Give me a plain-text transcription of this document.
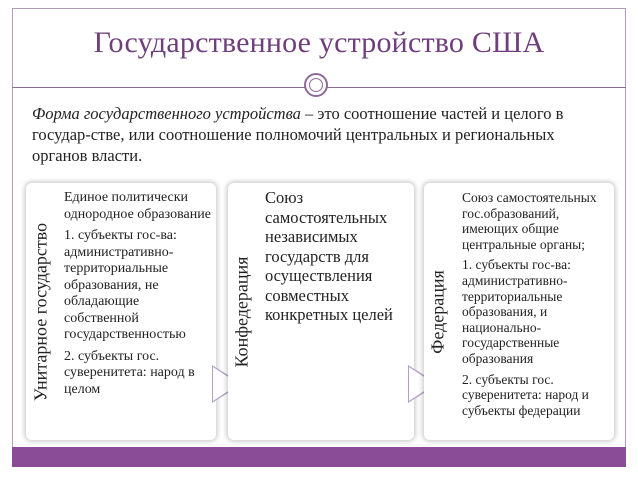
Государственное устройство США

Форма государственного устройства – это соотношение частей и целого в государ-стве, или соотношение полномочий центральных и региональных органов власти.

Унитарное государство

Единое политически однородное образование

1. субъекты гос-ва: административно-территориальные образования, не обладающие собственной государственностью

2. субъекты гос. суверенитета: народ в целом

Конфедерация

Союз самостоятельных независимых государств для осуществления совместных конкретных целей	Федерация

Союз самостоятельных гос.образований, имеющих общие центральные органы;

1. субъекты гос-ва: административно-территориальные образования, и национально-государственные образования

2. субъекты гос. суверенитета: народ и субъекты федерации
